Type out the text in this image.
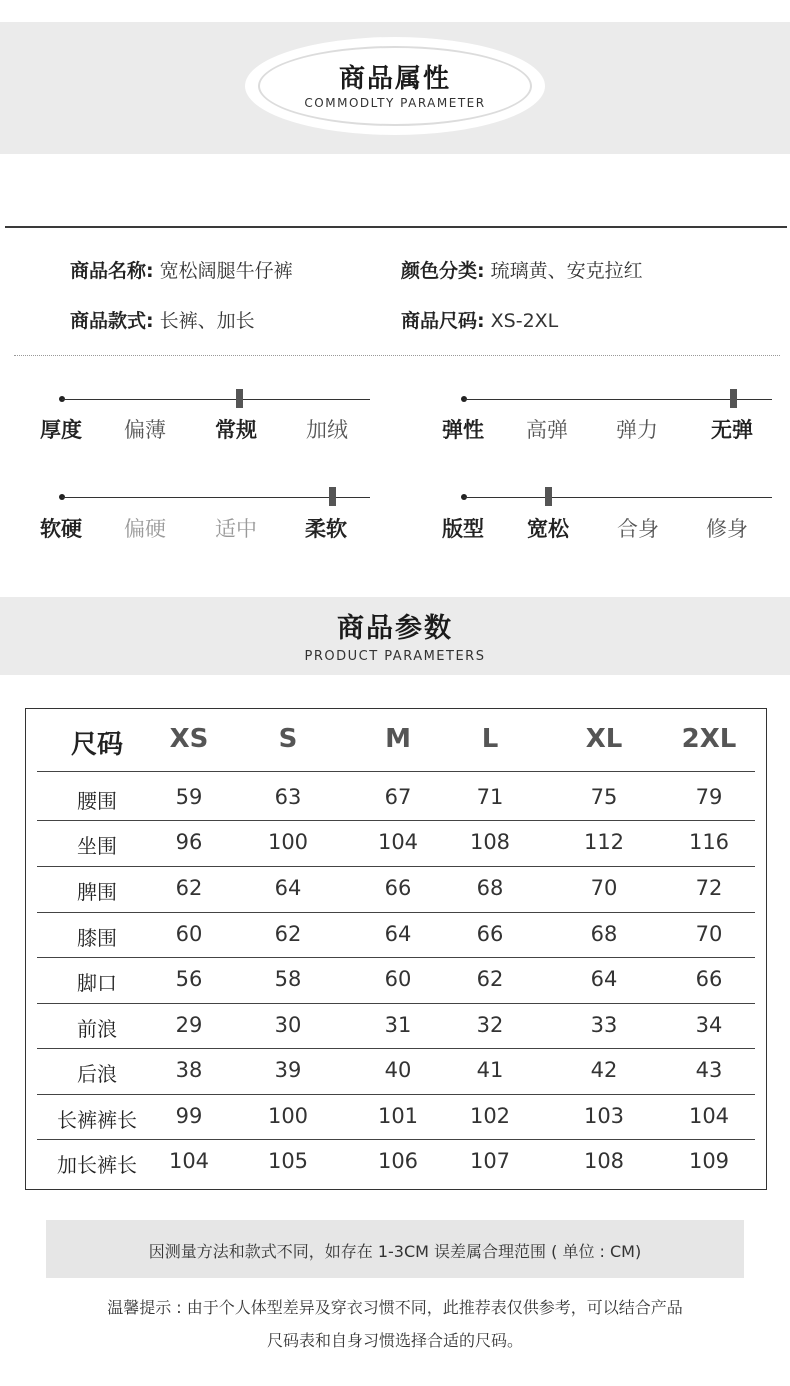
商品属性
COMMODLTY PARAMETER
商品名称: 宽松阔腿牛仔裤	颜色分类: 琉璃黄、安克拉红
商品款式: 长裤、加长	商品尺码: XS-2XL
厚度 偏薄 常规 加绒	弹性 高弹 弹力	无弹
软硬 偏硬 适中 柔软	版型 宽松 合身 修身
商品参数
PRODUCT PARAMETERS
尺码	XS	S	M	L	XL	2XL
腰围	59	63	67	71	75	79
坐围	96	100	104	108	112	116
脾围	62	64	66	68	70	72
膝围	60	62	64	66	68	70
脚口	56	58	60	62	64	66
前浪	29	30	31	32	33	34
后浪	38	39	40	41	42	43
长裤裤长	99	100	101	102	103	104
加长裤长	104	105	106	107	108	109
因测量方法和款式不同，如存在 1-3CM 误差属合理范围 ( 单位 : CM)
温馨提示 : 由于个人体型差异及穿衣习惯不同，此推荐表仅供参考，可以结合产品
尺码表和自身习惯选择合适的尺码。
